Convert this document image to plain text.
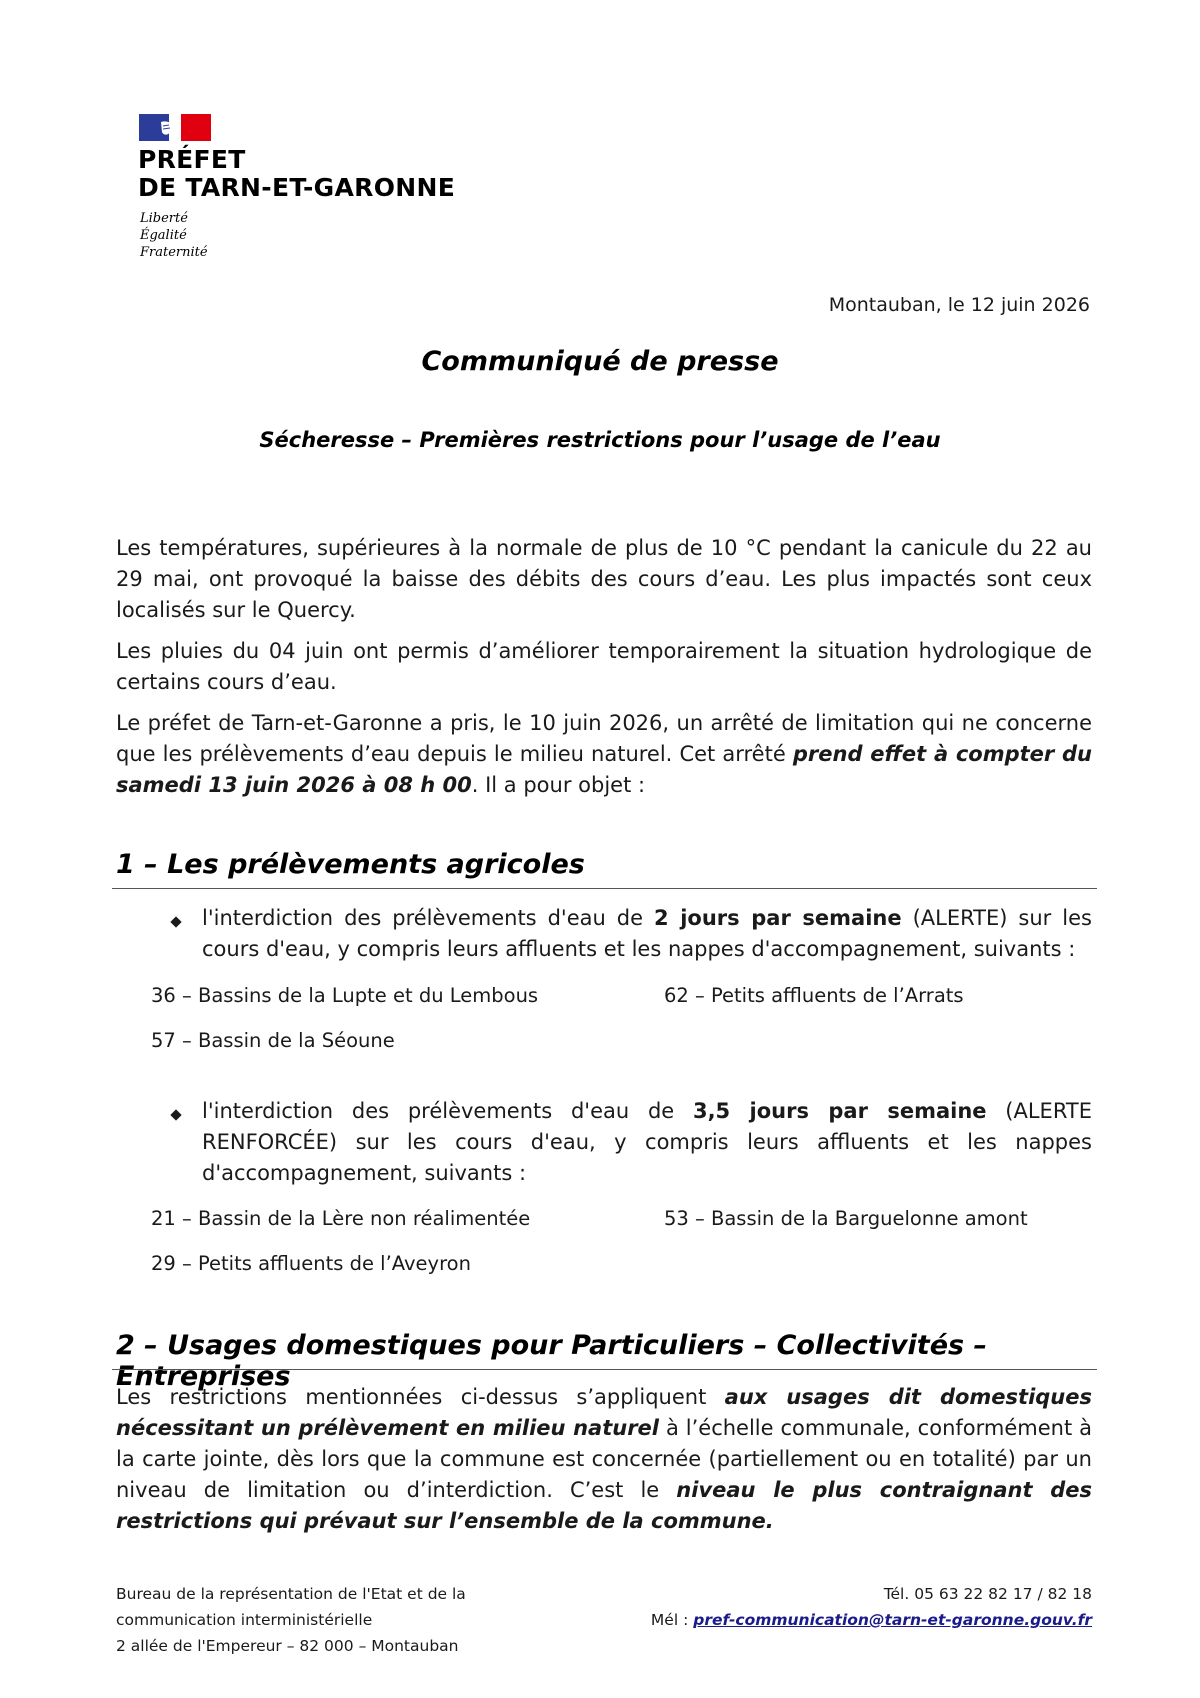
PRÉFET
DE TARN-ET-GARONNE
Liberté
Égalité
Fraternité
Montauban, le 12 juin 2026
Communiqué de presse
Sécheresse – Premières restrictions pour l’usage de l’eau

Les températures, supérieures à la normale de plus de 10 °C pendant la canicule du 22 au 29 mai, ont provoqué la baisse des débits des cours d’eau. Les plus impactés sont ceux localisés sur le Quercy.

Les pluies du 04 juin ont permis d’améliorer temporairement la situation hydrologique de certains cours d’eau.

Le préfet de Tarn-et-Garonne a pris, le 10 juin 2026, un arrêté de limitation qui ne concerne que les prélèvements d’eau depuis le milieu naturel. Cet arrêté prend effet à compter du samedi 13 juin 2026 à 08 h 00. Il a pour objet :

1 – Les prélèvements agricoles

l'interdiction des prélèvements d'eau de 2 jours par semaine (ALERTE) sur les cours d'eau, y compris leurs affluents et les nappes d'accompagnement, suivants :

36 – Bassins de la Lupte et du Lembous	62 – Petits affluents de l’Arrats
57 – Bassin de la Séoune

l'interdiction des prélèvements d'eau de 3,5 jours par semaine (ALERTE RENFORCÉE) sur les cours d'eau, y compris leurs affluents et les nappes d'accompagnement, suivants :

21 – Bassin de la Lère non réalimentée	53 – Bassin de la Barguelonne amont
29 – Petits affluents de l’Aveyron
2 – Usages domestiques pour Particuliers – Collectivités – Entreprises

Les restrictions mentionnées ci-dessus s’appliquent aux usages dit domestiques nécessitant un prélèvement en milieu naturel à l’échelle communale, conformément à la carte jointe, dès lors que la commune est concernée (partiellement ou en totalité) par un niveau de limitation ou d’interdiction. C’est le niveau le plus contraignant des restrictions qui prévaut sur l’ensemble de la commune.

Bureau de la représentation de l'Etat et de la
communication interministérielle
2 allée de l'Empereur – 82 000 – Montauban
Tél. 05 63 22 82 17 / 82 18
Mél : pref-communication@tarn-et-garonne.gouv.fr
